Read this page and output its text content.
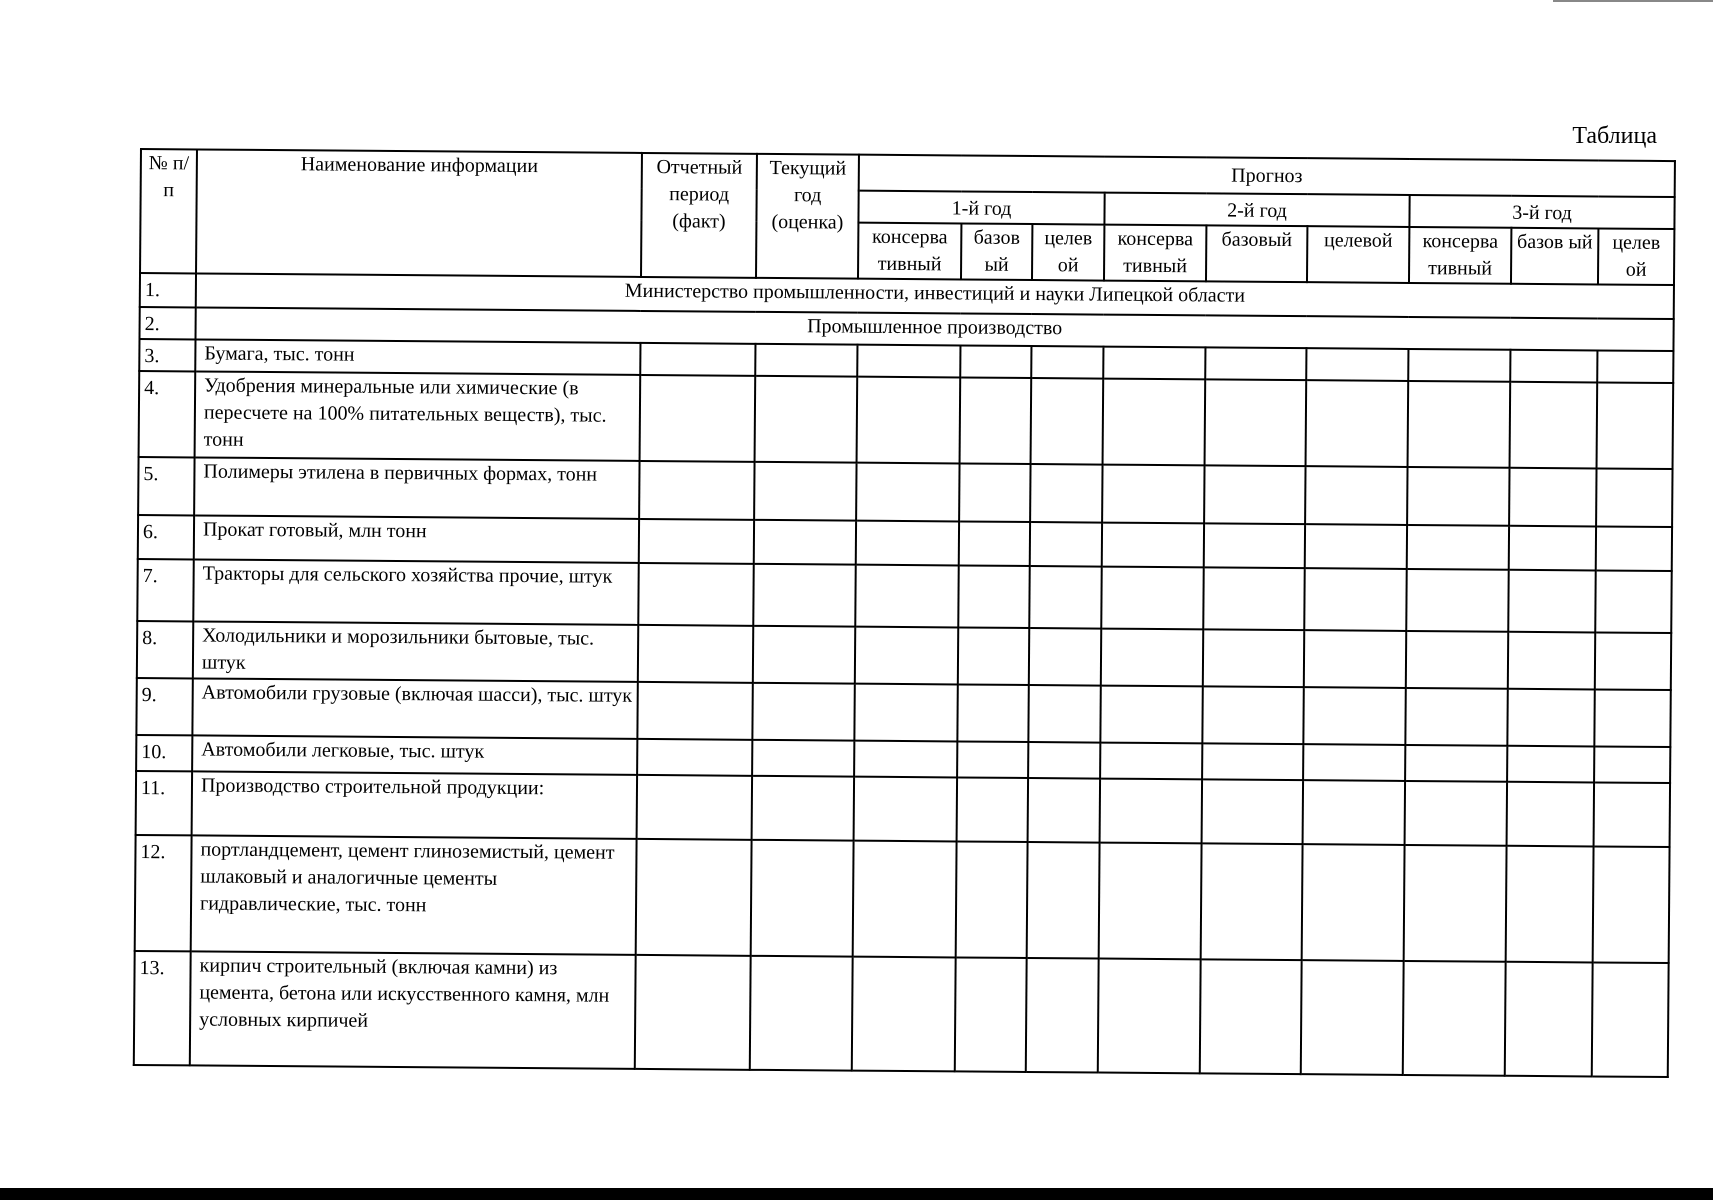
Таблица
№ п/п	Наименование информации	Отчетный период (факт)	Текущий год (оценка)	Прогноз								
				1-й год			2-й год			3-й год		
				консерва тивный	базов ый	целев ой	консерва тивный	базовый	целевой	консерва тивный	базов ый	целев ой
1.	Министерство промышленности, инвестиций и науки Липецкой области											
2.	Промышленное производство											
3.	Бумага, тыс. тонн											
4.	Удобрения минеральные или химические (в пересчете на 100% питательных веществ), тыс. тонн											
5.	Полимеры этилена в первичных формах, тонн											
6.	Прокат готовый, млн тонн											
7.	Тракторы для сельского хозяйства прочие, штук											
8.	Холодильники и морозильники бытовые, тыс. штук											
9.	Автомобили грузовые (включая шасси), тыс. штук											
10.	Автомобили легковые, тыс. штук											
11.	Производство строительной продукции:											
12.	портландцемент, цемент глиноземистый, цемент шлаковый и аналогичные цементы гидравлические, тыс. тонн											
13.	кирпич строительный (включая камни) из цемента, бетона или искусственного камня, млн условных кирпичей											
